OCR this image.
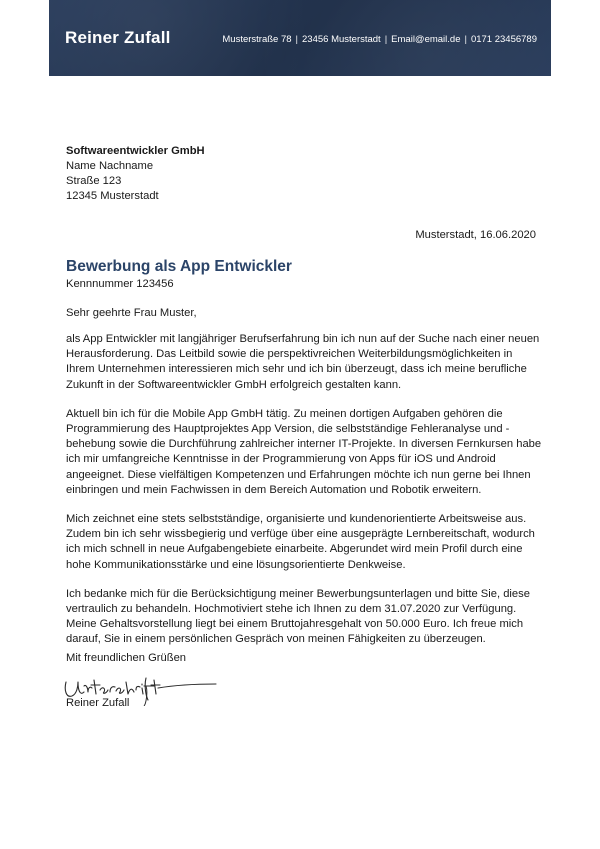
Reiner Zufall	Musterstraße 78 | 23456 Musterstadt | Email@email.de | 0171 23456789
Softwareentwickler GmbH
Name Nachname
Straße 123
12345 Musterstadt
Musterstadt, 16.06.2020
Bewerbung als App Entwickler
Kennnummer 123456
Sehr geehrte Frau Muster,

als App Entwickler mit langjähriger Berufserfahrung bin ich nun auf der Suche nach einer neuen Herausforderung. Das Leitbild sowie die perspektivreichen Weiterbildungsmöglichkeiten in Ihrem Unternehmen interessieren mich sehr und ich bin überzeugt, dass ich meine berufliche Zukunft in der Softwareentwickler GmbH erfolgreich gestalten kann.

Aktuell bin ich für die Mobile App GmbH tätig. Zu meinen dortigen Aufgaben gehören die Programmierung des Hauptprojektes App Version, die selbstständige Fehleranalyse und -behebung sowie die Durchführung zahlreicher interner IT-Projekte. In diversen Fernkursen habe ich mir umfangreiche Kenntnisse in der Programmierung von Apps für iOS und Android angeeignet. Diese vielfältigen Kompetenzen und Erfahrungen möchte ich nun gerne bei Ihnen einbringen und mein Fachwissen in dem Bereich Automation und Robotik erweitern.

Mich zeichnet eine stets selbstständige, organisierte und kundenorientierte Arbeitsweise aus. Zudem bin ich sehr wissbegierig und verfüge über eine ausgeprägte Lernbereitschaft, wodurch ich mich schnell in neue Aufgabengebiete einarbeite. Abgerundet wird mein Profil durch eine hohe Kommunikationsstärke und eine lösungsorientierte Denkweise.

Ich bedanke mich für die Berücksichtigung meiner Bewerbungsunterlagen und bitte Sie, diese vertraulich zu behandeln. Hochmotiviert stehe ich Ihnen zu dem 31.07.2020 zur Verfügung. Meine Gehaltsvorstellung liegt bei einem Bruttojahresgehalt von 50.000 Euro. Ich freue mich darauf, Sie in einem persönlichen Gespräch von meinen Fähigkeiten zu überzeugen.

Mit freundlichen Grüßen
Reiner Zufall
